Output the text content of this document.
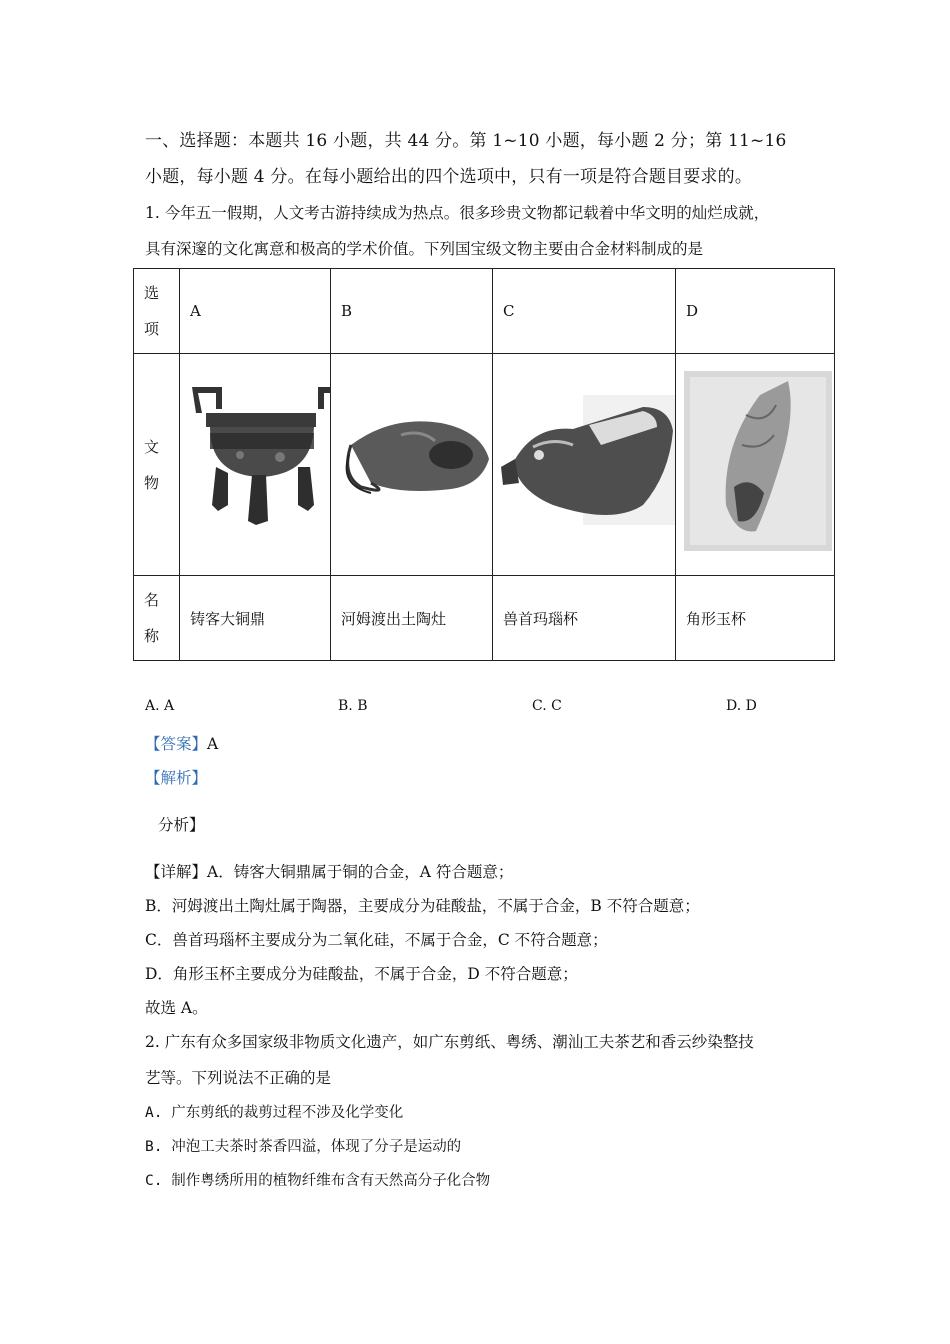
一、选择题：本题共 16 小题，共 44 分。第 1~10 小题，每小题 2 分；第 11~16
小题，每小题 4 分。在每小题给出的四个选项中，只有一项是符合题目要求的。
1. 今年五一假期，人文考古游持续成为热点。很多珍贵文物都记载着中华文明的灿烂成就，
具有深邃的文化寓意和极高的学术价值。下列国宝级文物主要由合金材料制成的是
选
项	A	B	C	D

文
物

名
称	铸客大铜鼎	河姆渡出土陶灶	兽首玛瑙杯	角形玉杯
A. A	B. B	C. C	D. D
【答案】A
【解析】
分析】
【详解】A．铸客大铜鼎属于铜的合金，A 符合题意；
B．河姆渡出土陶灶属于陶器，主要成分为硅酸盐，不属于合金，B 不符合题意；
C．兽首玛瑙杯主要成分为二氧化硅，不属于合金，C 不符合题意；
D．角形玉杯主要成分为硅酸盐，不属于合金，D 不符合题意；
故选 A。
2. 广东有众多国家级非物质文化遗产，如广东剪纸、粤绣、潮汕工夫茶艺和香云纱染整技
艺等。下列说法不正确的是
A. 广东剪纸的裁剪过程不涉及化学变化
B. 冲泡工夫茶时茶香四溢，体现了分子是运动的
C. 制作粤绣所用的植物纤维布含有天然高分子化合物
